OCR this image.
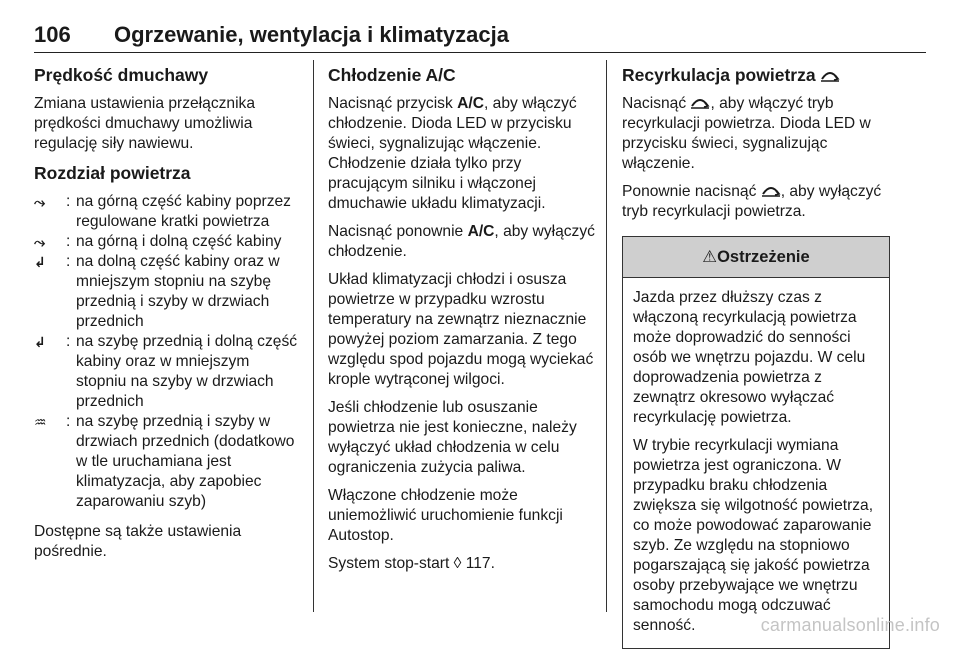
106 Ogrzewanie, wentylacja i klimatyzacja
Prędkość dmuchawy

Zmiana ustawienia przełącznika prędkości dmuchawy umożliwia regulację siły nawiewu.

Rozdział powietrza
⤳	: na górną część kabiny poprzez regulowane kratki powietrza
⤳	: na górną i dolną część kabiny
↲	: na dolną część kabiny oraz w mniejszym stopniu na szybę przednią i szyby w drzwiach przednich
↲	: na szybę przednią i dolną część kabiny oraz w mniejszym stopniu na szyby w drzwiach przednich
♒	: na szybę przednią i szyby w drzwiach przednich (dodatkowo w tle uruchamiana jest klimatyzacja, aby zapobiec zaparowaniu szyb)

Dostępne są także ustawienia pośrednie.

Chłodzenie A/C

Nacisnąć przycisk A/C, aby włączyć chłodzenie. Dioda LED w przycisku świeci, sygnalizując włączenie. Chłodzenie działa tylko przy pracującym silniku i włączonej dmuchawie układu klimatyzacji.

Nacisnąć ponownie A/C, aby wyłączyć chłodzenie.

Układ klimatyzacji chłodzi i osusza powietrze w przypadku wzrostu temperatury na zewnątrz nieznacznie powyżej poziom zamarzania. Z tego względu spod pojazdu mogą wyciekać krople wytrąconej wilgoci.

Jeśli chłodzenie lub osuszanie powietrza nie jest konieczne, należy wyłączyć układ chłodzenia w celu ograniczenia zużycia paliwa.

Włączone chłodzenie może uniemożliwić uruchomienie funkcji Autostop.

System stop-start ◊ 117.

Recyrkulacja powietrza

Nacisnąć , aby włączyć tryb recyrkulacji powietrza. Dioda LED w przycisku świeci, sygnalizując włączenie.

Ponownie nacisnąć , aby wyłączyć tryb recyrkulacji powietrza.

⚠Ostrzeżenie

Jazda przez dłuższy czas z włączoną recyrkulacją powietrza może doprowadzić do senności osób we wnętrzu pojazdu. W celu doprowadzenia powietrza z zewnątrz okresowo wyłączać recyrkulację powietrza.

W trybie recyrkulacji wymiana powietrza jest ograniczona. W przypadku braku chłodzenia zwiększa się wilgotność powietrza, co może powodować zaparowanie szyb. Ze względu na stopniowo pogarszającą się jakość powietrza osoby przebywające we wnętrzu samochodu mogą odczuwać senność.	carmanualsonline.info
